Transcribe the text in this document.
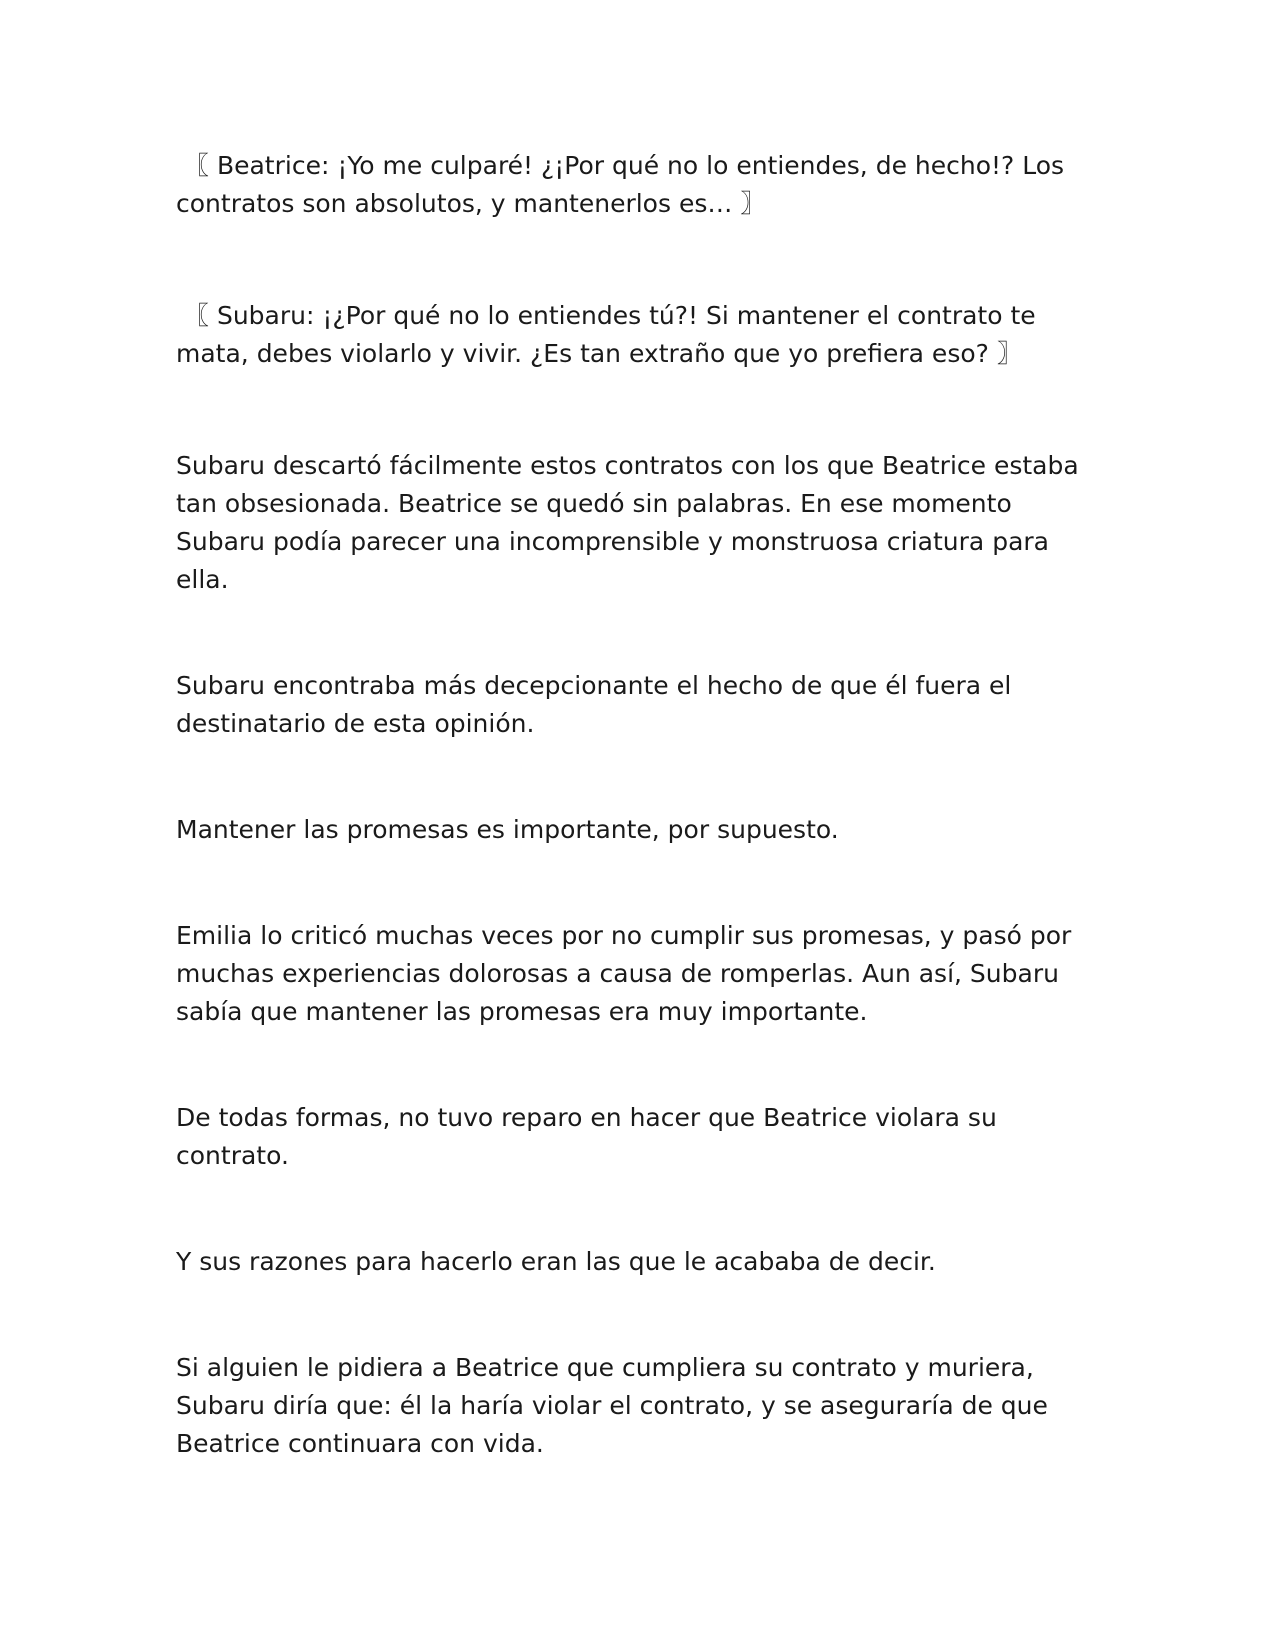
〖 Beatrice: ¡Yo me culparé! ¿¡Por qué no lo entiendes, de hecho!? Los contratos son absolutos, y mantenerlos es… 〗

〖 Subaru: ¡¿Por qué no lo entiendes tú?! Si mantener el contrato te mata, debes violarlo y vivir. ¿Es tan extraño que yo prefiera eso? 〗

Subaru descartó fácilmente estos contratos con los que Beatrice estaba tan obsesionada. Beatrice se quedó sin palabras. En ese momento Subaru podía parecer una incomprensible y monstruosa criatura para ella.

Subaru encontraba más decepcionante el hecho de que él fuera el destinatario de esta opinión.

Mantener las promesas es importante, por supuesto.

Emilia lo criticó muchas veces por no cumplir sus promesas, y pasó por muchas experiencias dolorosas a causa de romperlas. Aun así, Subaru sabía que mantener las promesas era muy importante.

De todas formas, no tuvo reparo en hacer que Beatrice violara su contrato.

Y sus razones para hacerlo eran las que le acababa de decir.

Si alguien le pidiera a Beatrice que cumpliera su contrato y muriera, Subaru diría que: él la haría violar el contrato, y se aseguraría de que Beatrice continuara con vida.
